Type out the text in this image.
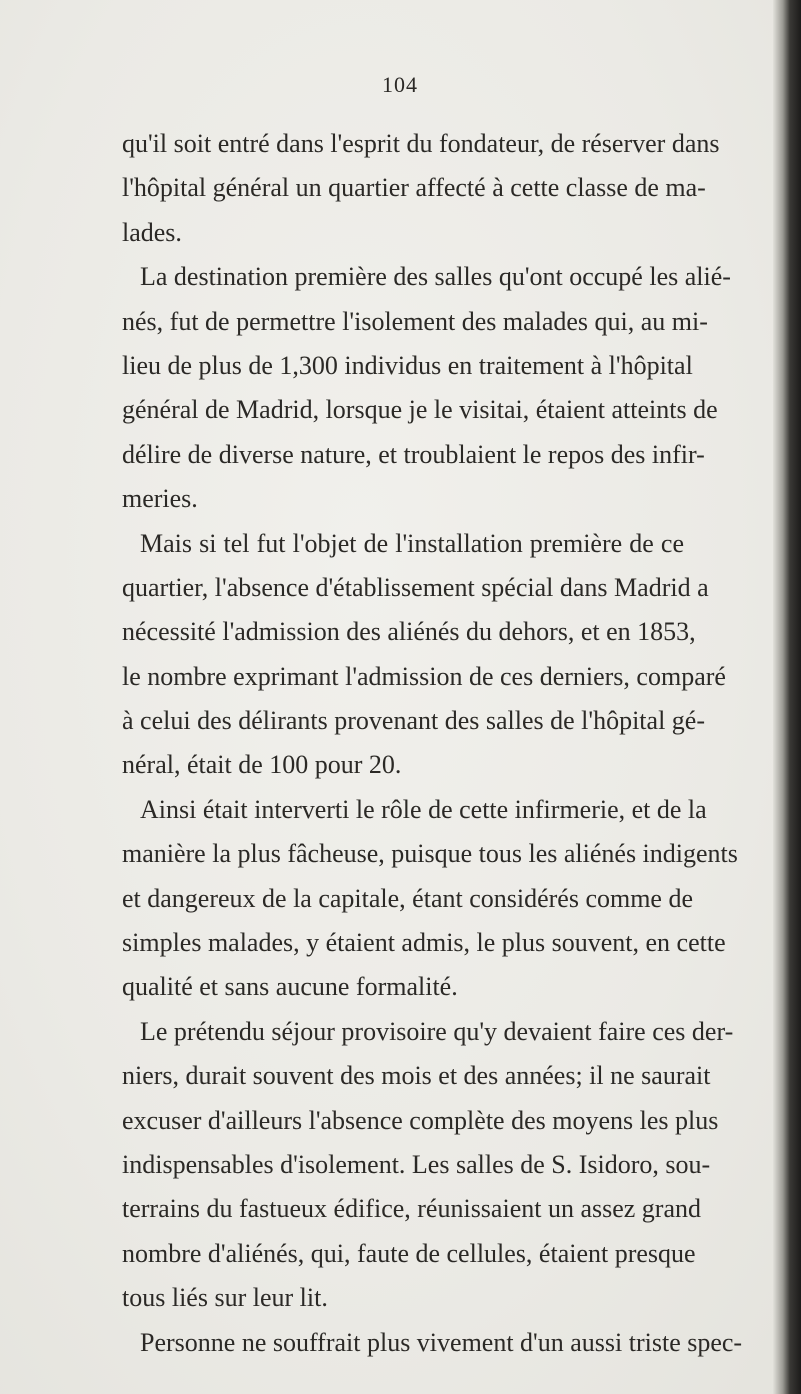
104
qu'il soit entré dans l'esprit du fondateur, de réserver dans
l'hôpital général un quartier affecté à cette classe de ma-
lades.
La destination première des salles qu'ont occupé les alié-
nés, fut de permettre l'isolement des malades qui, au mi-
lieu de plus de 1,300 individus en traitement à l'hôpital
général de Madrid, lorsque je le visitai, étaient atteints de
délire de diverse nature, et troublaient le repos des infir-
meries.
Mais si tel fut l'objet de l'installation première de ce
quartier, l'absence d'établissement spécial dans Madrid a
nécessité l'admission des aliénés du dehors, et en 1853,
le nombre exprimant l'admission de ces derniers, comparé
à celui des délirants provenant des salles de l'hôpital gé-
néral, était de 100 pour 20.
Ainsi était interverti le rôle de cette infirmerie, et de la
manière la plus fâcheuse, puisque tous les aliénés indigents
et dangereux de la capitale, étant considérés comme de
simples malades, y étaient admis, le plus souvent, en cette
qualité et sans aucune formalité.
Le prétendu séjour provisoire qu'y devaient faire ces der-
niers, durait souvent des mois et des années; il ne saurait
excuser d'ailleurs l'absence complète des moyens les plus
indispensables d'isolement. Les salles de S. Isidoro, sou-
terrains du fastueux édifice, réunissaient un assez grand
nombre d'aliénés, qui, faute de cellules, étaient presque
tous liés sur leur lit.
Personne ne souffrait plus vivement d'un aussi triste spec-
